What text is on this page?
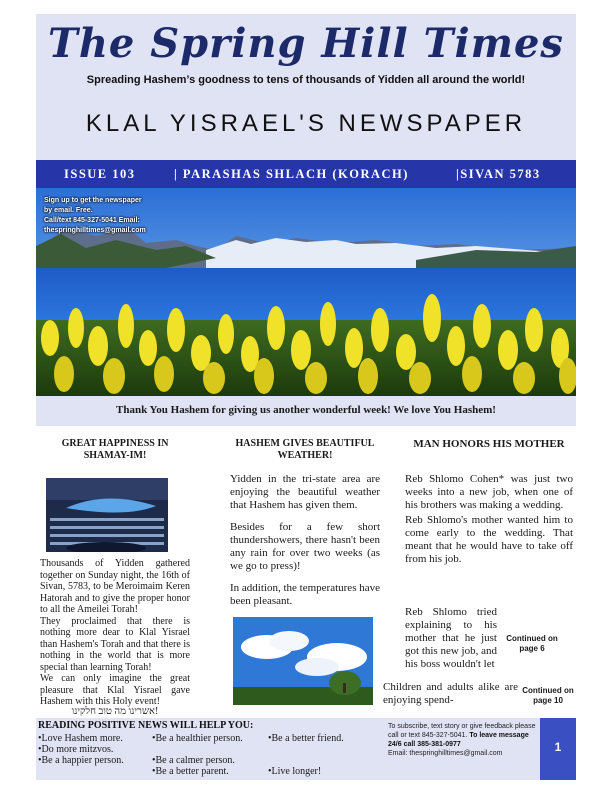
The Spring Hill Times
Spreading Hashem’s goodness to tens of thousands of Yidden all around the world!
KLAL YISRAEL'S NEWSPAPER
ISSUE 103	| PARASHAS SHLACH (KORACH)	|SIVAN 5783
Sign up to get the newspaper
by email. Free.
Call/text 845-327-5041 Email:
thespringhilltimes@gmail.com
Thank You Hashem for giving us another wonderful week! We love You Hashem!
GREAT HAPPINESS IN SHAMAY-IM!
Thousands of Yidden gathered together on Sunday night, the 16th of Sivan, 5783, to be Meroimaim Keren Hatorah and to give the proper honor to all the Ameilei Torah!
They proclaimed that there is nothing more dear to Klal Yisrael than Hashem's Torah and that there is nothing in the world that is more special than learning Torah!
We can only imagine the great pleasure that Klal Yisrael gave Hashem with this Holy event!
אשרינו מה טוב חלקינו!
HASHEM GIVES BEAUTIFUL WEATHER!

Yidden in the tri-state area are enjoying the beautiful weather that Hashem has given them.

Besides for a few short thundershowers, there hasn't been any rain for over two weeks (as we go to press)!

In addition, the temperatures have been pleasant.

MAN HONORS HIS MOTHER

Reb Shlomo Cohen* was just two weeks into a new job, when one of his brothers was making a wedding.

Reb Shlomo's mother wanted him to come early to the wedding. That meant that he would have to take off from his job.

Reb Shlomo tried explaining to his mother that he just got this new job, and his boss wouldn't let
Continued on page 6
Children and adults alike are enjoying spend-
Continued on page 10
READING POSITIVE NEWS WILL HELP YOU:
•Love Hashem more.
•Do more mitzvos.
•Be a happier person.
•Be a healthier person.
•Be a calmer person.
•Be a better parent.
•Be a better friend.
•Live longer!
To subscribe, text story or give feedback please call or text 845-327-5041. To leave message 24/6 call 385-381-0977
Email: thespringhilltimes@gmail.com	1
